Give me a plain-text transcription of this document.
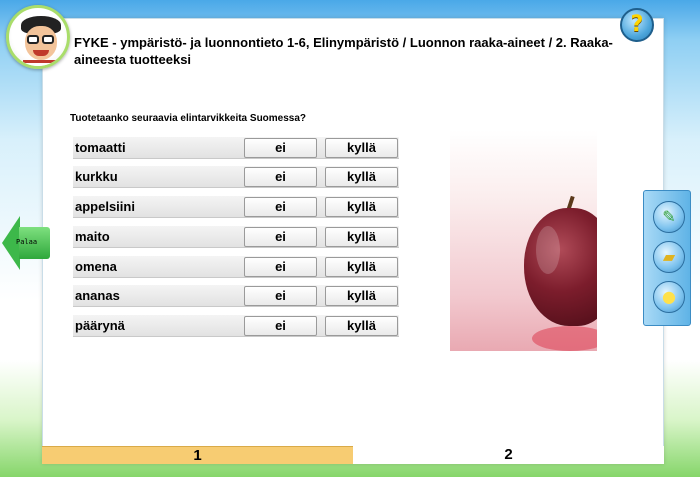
FYKE - ympäristö- ja luonnontieto 1-6, Elinympäristö / Luonnon raaka-aineet / 2. Raaka-aineesta tuotteeksi
?
Tuotetaanko seuraavia elintarvikkeita Suomessa?
tomaatti	ei	kyllä
kurkku	ei	kyllä
appelsiini	ei	kyllä
maito	ei	kyllä
omena	ei	kyllä
ananas	ei	kyllä
päärynä	ei	kyllä
Palaa
✎
▰
●
1	2
